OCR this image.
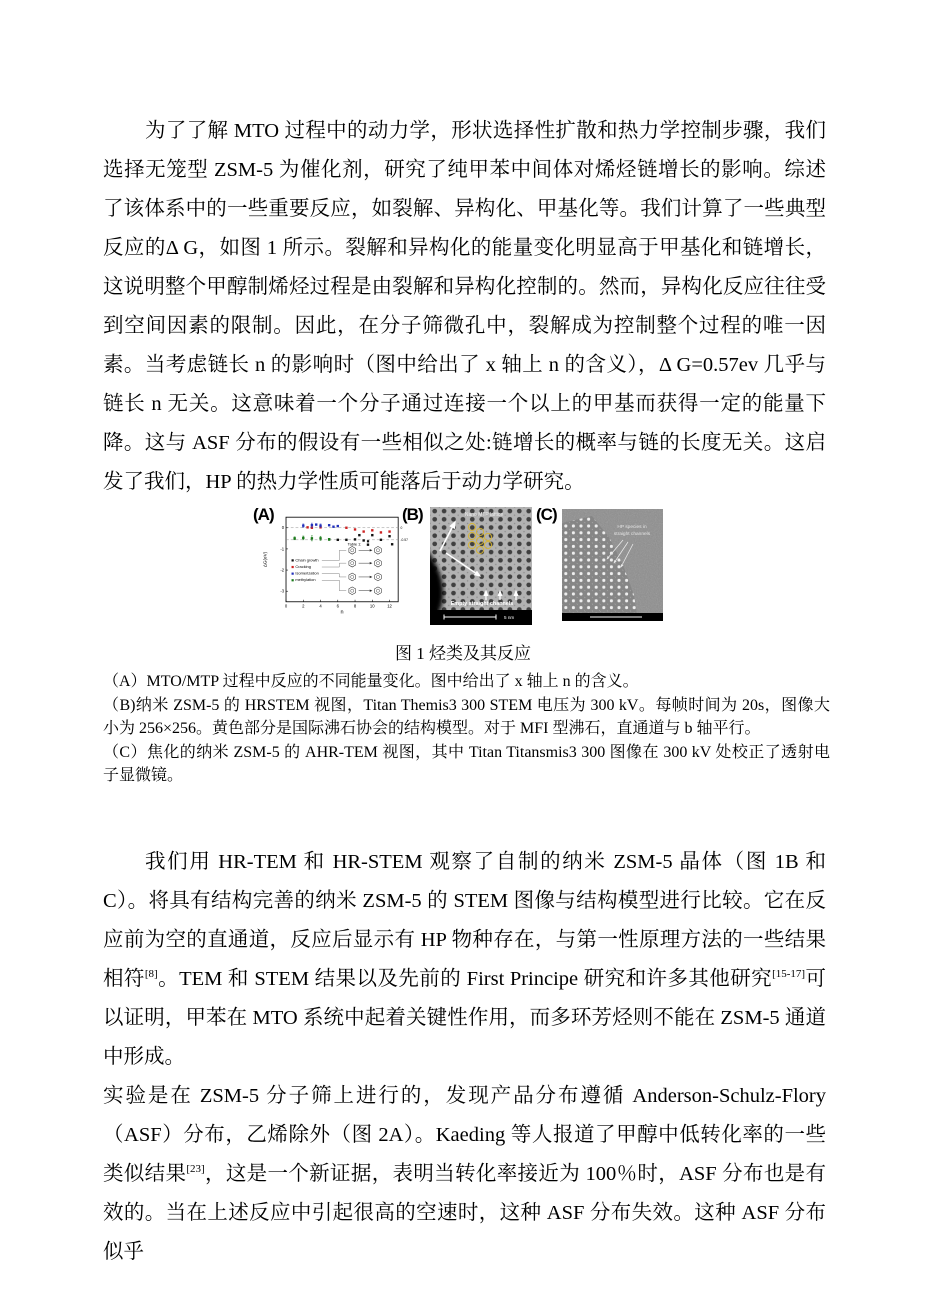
为了了解 MTO 过程中的动力学，形状选择性扩散和热力学控制步骤，我们选择无笼型 ZSM-5 为催化剂，研究了纯甲苯中间体对烯烃链增长的影响。综述了该体系中的一些重要反应，如裂解、异构化、甲基化等。我们计算了一些典型反应的Δ G，如图 1 所示。裂解和异构化的能量变化明显高于甲基化和链增长，这说明整个甲醇制烯烃过程是由裂解和异构化控制的。然而，异构化反应往往受到空间因素的限制。因此，在分子筛微孔中，裂解成为控制整个过程的唯一因素。当考虑链长 n 的影响时（图中给出了 x 轴上 n 的含义），Δ G=0.57ev 几乎与链长 n 无关。这意味着一个分子通过连接一个以上的甲基而获得一定的能量下降。这与 ASF 分布的假设有一些相似之处:链增长的概率与链的长度无关。这启发了我们，HP 的热力学性质可能落后于动力学研究。

(A)
0
-0.57
0	2	4	6	8	10	12
0
-1
-2
-3
n
ΔG(eV)	Chain growth
Cracking
Isomerization
methylation
Table 1:
(B)	Nano MTP lattice
Empty straight channels
5 nm
(C)
HP species in
straight channels
图 1 烃类及其反应

（A）MTO/MTP 过程中反应的不同能量变化。图中给出了 x 轴上 n 的含义。

（B)纳米 ZSM-5 的 HRSTEM 视图，Titan Themis3 300 STEM 电压为 300 kV。每帧时间为 20s，图像大小为 256×256。黄色部分是国际沸石协会的结构模型。对于 MFI 型沸石，直通道与 b 轴平行。

（C）焦化的纳米 ZSM-5 的 AHR-TEM 视图，其中 Titan Titansmis3 300 图像在 300 kV 处校正了透射电子显微镜。

我们用 HR-TEM 和 HR-STEM 观察了自制的纳米 ZSM-5 晶体（图 1B 和 C）。将具有结构完善的纳米 ZSM-5 的 STEM 图像与结构模型进行比较。它在反应前为空的直通道，反应后显示有 HP 物种存在，与第一性原理方法的一些结果相符[8]。TEM 和 STEM 结果以及先前的 First Principe 研究和许多其他研究[15-17]可以证明，甲苯在 MTO 系统中起着关键性作用，而多环芳烃则不能在 ZSM-5 通道中形成。

实验是在 ZSM-5 分子筛上进行的，发现产品分布遵循 Anderson-Schulz-Flory（ASF）分布，乙烯除外（图 2A）。Kaeding 等人报道了甲醇中低转化率的一些类似结果[23]，这是一个新证据，表明当转化率接近为 100％时，ASF 分布也是有效的。当在上述反应中引起很高的空速时，这种 ASF 分布失效。这种 ASF 分布似乎
